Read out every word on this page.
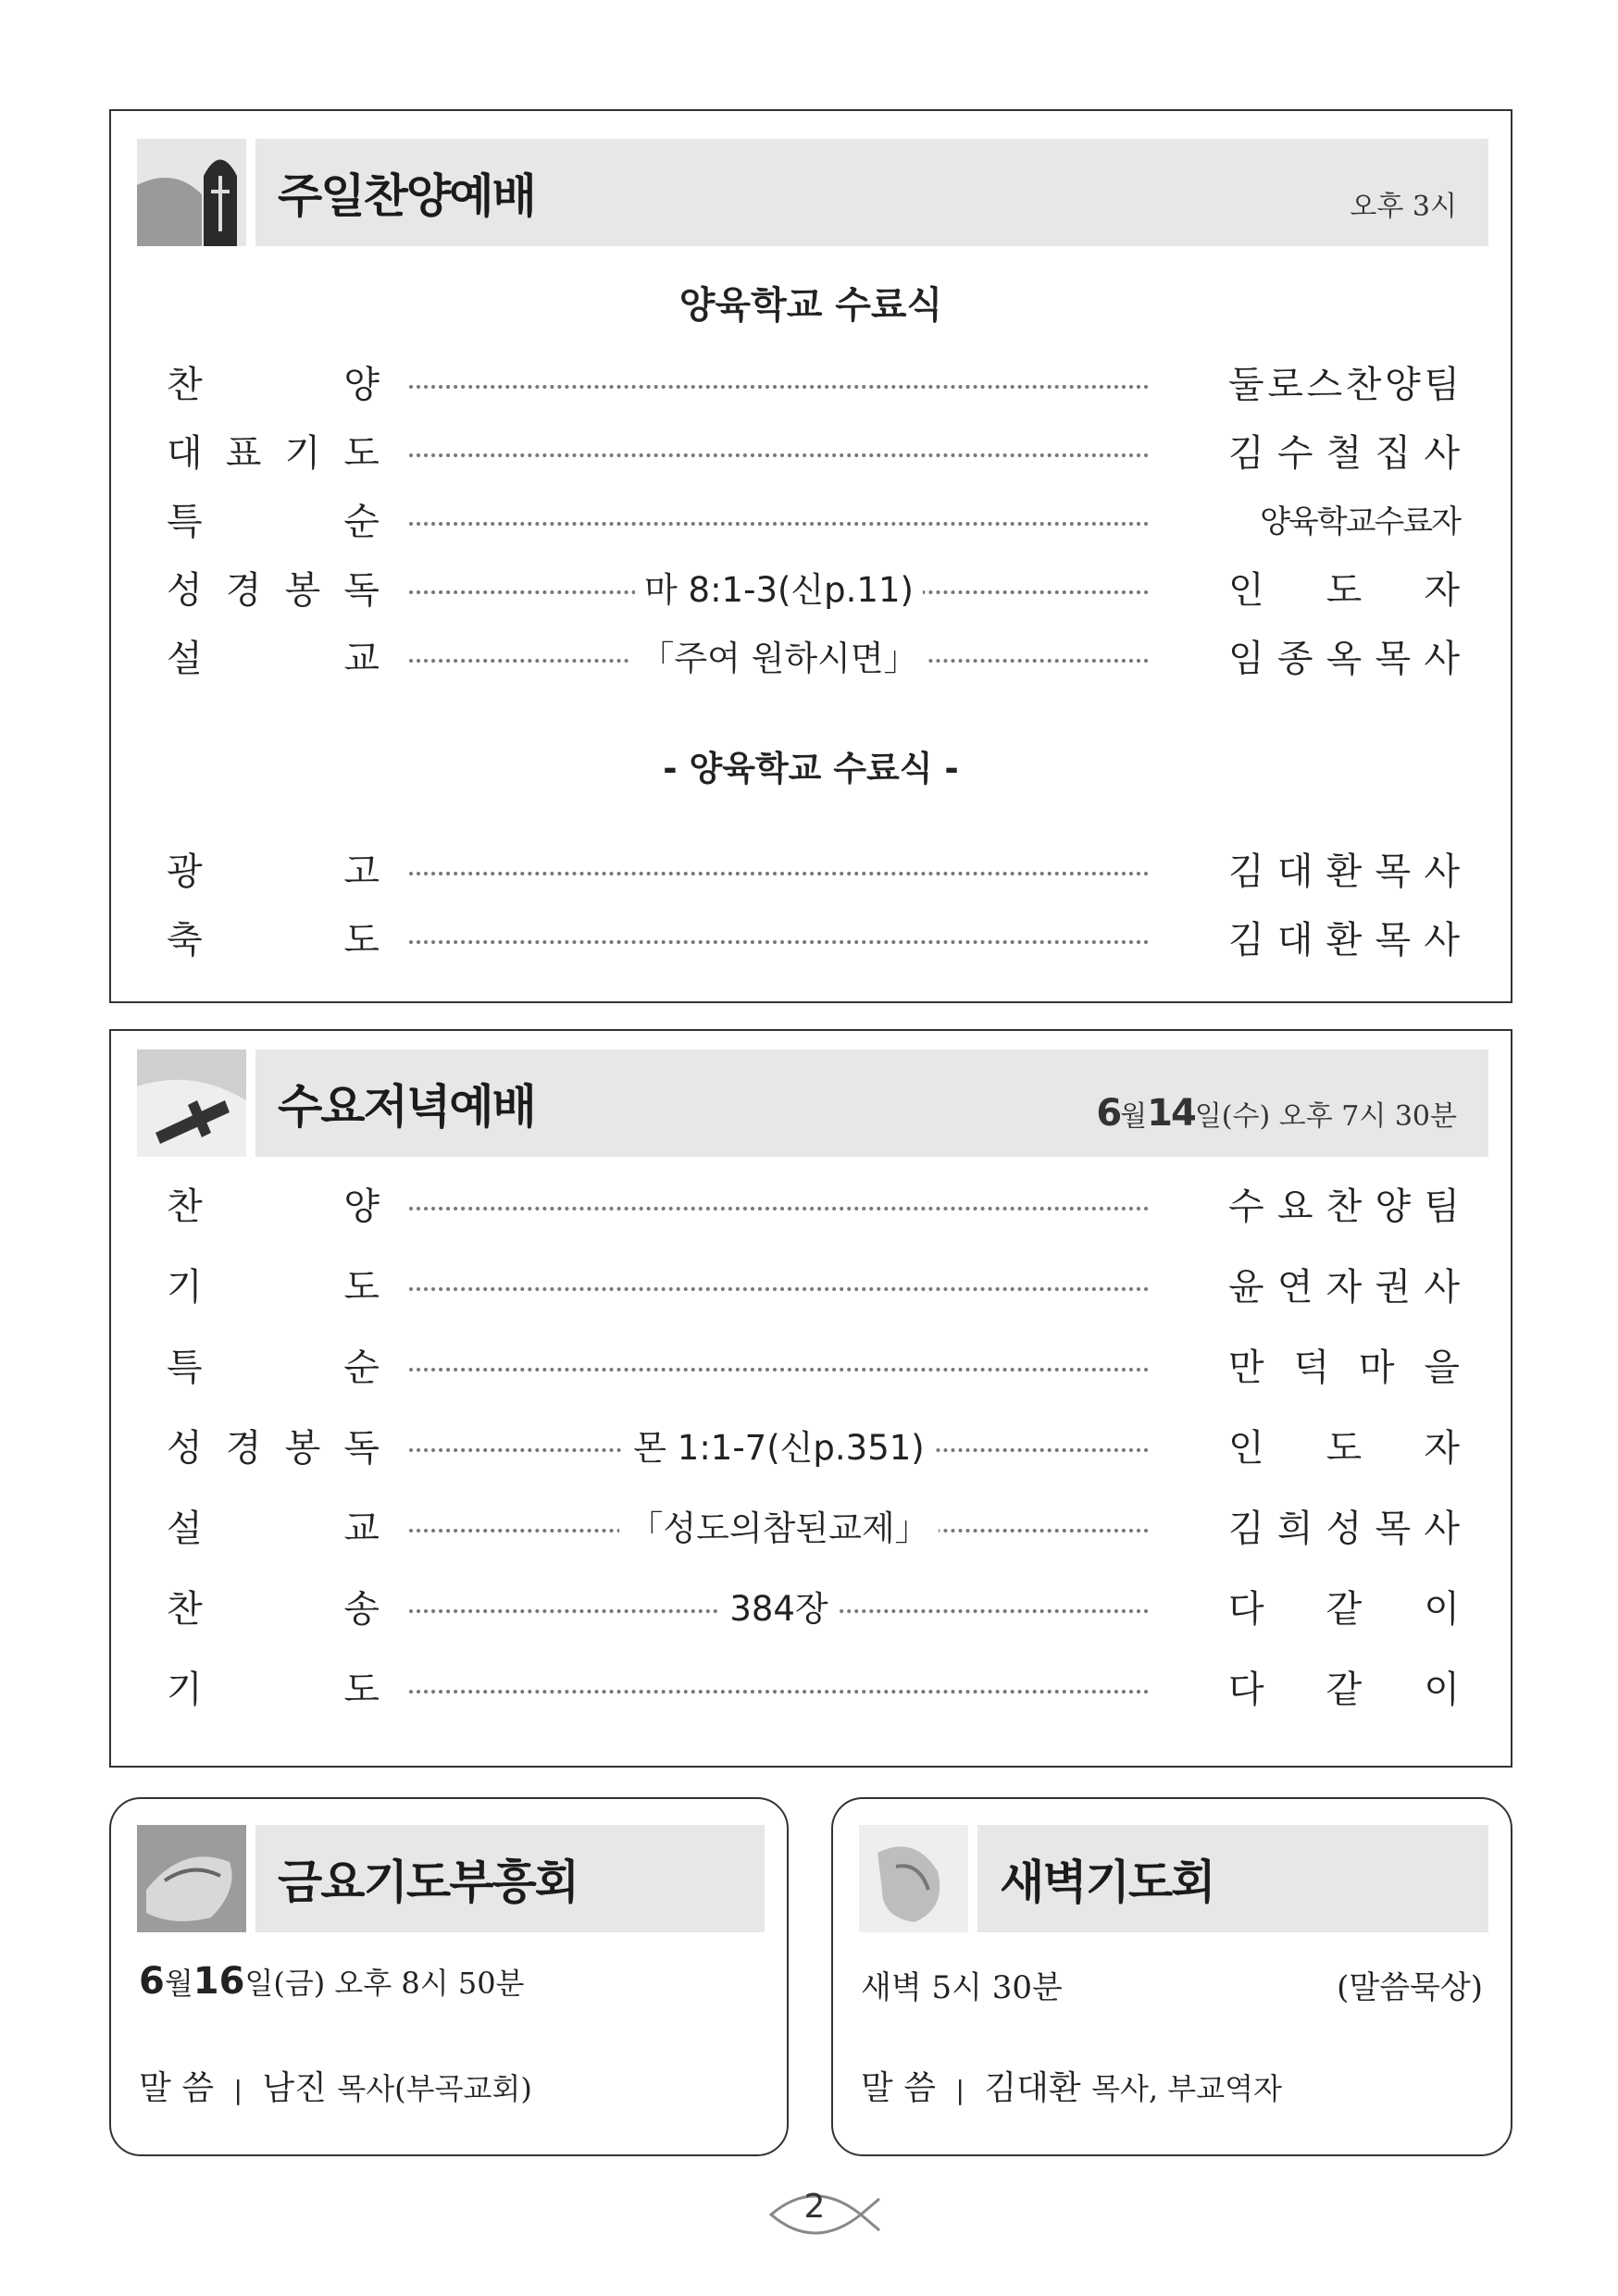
주일찬양예배	오후 3시
양육학교 수료식
찬	양	둘 로 스 찬 양 팀
대 표 기 도	김 수 철 집 사
특	순	양육학교수료자
성 경 봉 독	마 8:1-3(신p.11)	인 도 자
설	교	「주여 원하시면」	임 종 옥 목 사
- 양육학교 수료식 -
광	고	김 대 환 목 사
축	도	김 대 환 목 사
수요저녁예배	6월14일(수) 오후 7시 30분
찬	양	수 요 찬 양 팀
기	도	윤 연 자 권 사
특	순	만 덕 마 을
성 경 봉 독	몬 1:1-7(신p.351)	인 도 자
설	교	「성도의참된교제」	김 희 성 목 사
찬	송	384장	다 같 이
기	도	다 같 이
금요기도부흥회
6월16일(금) 오후 8시 50분
말 씀 | 남진 목사(부곡교회)
새벽기도회
새벽 5시 30분	(말씀묵상)
말 씀 | 김대환 목사, 부교역자
2
